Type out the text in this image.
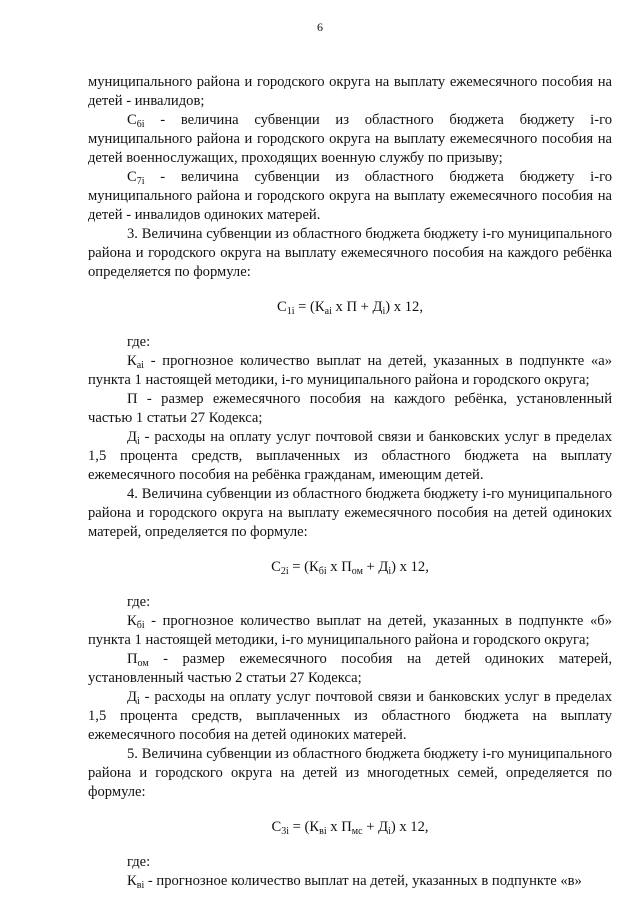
6

муниципального района и городского округа на выплату ежемесячного пособия на детей - инвалидов;

$С_{6i}$ - величина субвенции из областного бюджета бюджету i-го муниципального района и городского округа на выплату ежемесячного пособия на детей военнослужащих, проходящих военную службу по призыву;

$С_{7i}$ - величина субвенции из областного бюджета бюджету i-го муниципального района и городского округа на выплату ежемесячного пособия на детей - инвалидов одиноких матерей.

3. Величина субвенции из областного бюджета бюджету i-го муниципального района и городского округа на выплату ежемесячного пособия на каждого ребёнка определяется по формуле:

$С_{1i} = (К_{аi}$ x $П + Д_i$) x 12,

где:

$К_{аi}$ - прогнозное количество выплат на детей, указанных в подпункте «а» пункта 1 настоящей методики, i-го муниципального района и городского округа;

П - размер ежемесячного пособия на каждого ребёнка, установленный частью 1 статьи 27 Кодекса;

$Д_i$ - расходы на оплату услуг почтовой связи и банковских услуг в пределах 1,5 процента средств, выплаченных из областного бюджета на выплату ежемесячного пособия на ребёнка гражданам, имеющим детей.

4. Величина субвенции из областного бюджета бюджету i-го муниципального района и городского округа на выплату ежемесячного пособия на детей одиноких матерей, определяется по формуле:

$С_{2i} = (К_{бi}$ x $П_{ом} + Д_i$) x 12,

где:

$К_{бi}$ - прогнозное количество выплат на детей, указанных в подпункте «б» пункта 1 настоящей методики, i-го муниципального района и городского округа;

$П_{ом}$ - размер ежемесячного пособия на детей одиноких матерей, установленный частью 2 статьи 27 Кодекса;

$Д_i$ - расходы на оплату услуг почтовой связи и банковских услуг в пределах 1,5 процента средств, выплаченных из областного бюджета на выплату ежемесячного пособия на детей одиноких матерей.

5. Величина субвенции из областного бюджета бюджету i-го муниципального района и городского округа на детей из многодетных семей, определяется по формуле:

$С_{3i} = (К_{вi}$ x $П_{мс} + Д_i$) x 12,

где:

$К_{вi}$ - прогнозное количество выплат на детей, указанных в подпункте «в»
